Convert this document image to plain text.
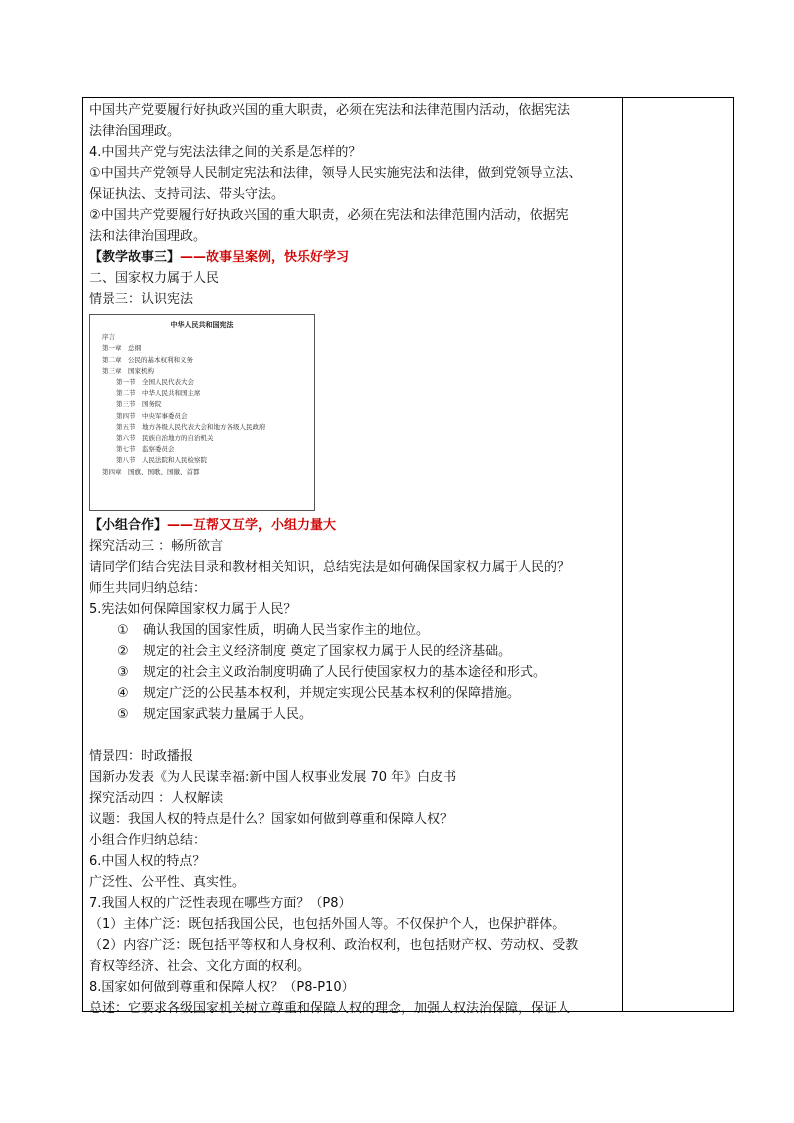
中国共产党要履行好执政兴国的重大职责，必须在宪法和法律范围内活动，依据宪法
法律治国理政。
4.中国共产党与宪法法律之间的关系是怎样的？
①中国共产党领导人民制定宪法和法律，领导人民实施宪法和法律，做到党领导立法、
保证执法、支持司法、带头守法。
②中国共产党要履行好执政兴国的重大职责，必须在宪法和法律范围内活动，依据宪
法和法律治国理政。
【教学故事三】——故事呈案例，快乐好学习
二、国家权力属于人民
情景三：认识宪法
中华人民共和国宪法
序言
第一章　总纲
第二章　公民的基本权利和义务
第三章　国家机构
第一节　全国人民代表大会
第二节　中华人民共和国主席
第三节　国务院
第四节　中央军事委员会
第五节　地方各级人民代表大会和地方各级人民政府
第六节　民族自治地方的自治机关
第七节　监察委员会
第八节　人民法院和人民检察院
第四章　国旗、国歌、国徽、首都
【小组合作】——互帮又互学，小组力量大
探究活动三 ：畅所欲言
请同学们结合宪法目录和教材相关知识，总结宪法是如何确保国家权力属于人民的？
师生共同归纳总结：
5.宪法如何保障国家权力属于人民？
① 确认我国的国家性质，明确人民当家作主的地位。
② 规定的社会主义经济制度 奠定了国家权力属于人民的经济基础。
③ 规定的社会主义政治制度明确了人民行使国家权力的基本途径和形式。
④ 规定广泛的公民基本权利，并规定实现公民基本权利的保障措施。
⑤ 规定国家武装力量属于人民。
情景四：时政播报
国新办发表《为人民谋幸福:新中国人权事业发展 70 年》白皮书
探究活动四 ：人权解读
议题：我国人权的特点是什么？国家如何做到尊重和保障人权？
小组合作归纳总结：
6.中国人权的特点？
广泛性、公平性、真实性。
7.我国人权的广泛性表现在哪些方面？（P8）
（1）主体广泛：既包括我国公民，也包括外国人等。不仅保护个人，也保护群体。
（2）内容广泛：既包括平等权和人身权利、政治权利，也包括财产权、劳动权、受教
育权等经济、社会、文化方面的权利。
8.国家如何做到尊重和保障人权？（P8-P10）
总述：它要求各级国家机关树立尊重和保障人权的理念，加强人权法治保障，保证人
